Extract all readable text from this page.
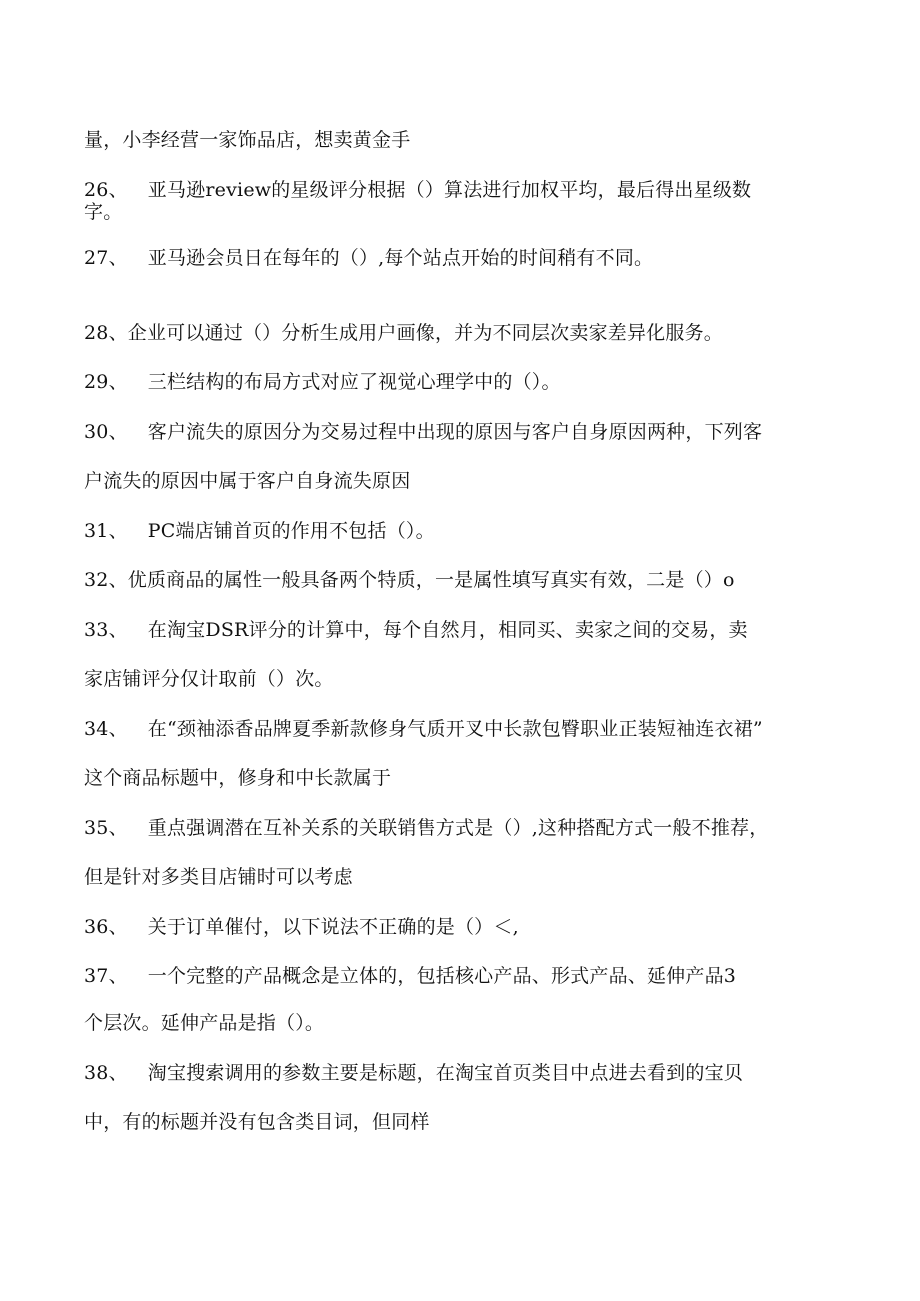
量，小李经营一家饰品店，想卖黄金手
26、 亚马逊review的星级评分根据（）算法进行加权平均，最后得出星级数
字。
27、 亚马逊会员日在每年的（）,每个站点开始的时间稍有不同。
28、企业可以通过（）分析生成用户画像，并为不同层次卖家差异化服务。
29、 三栏结构的布局方式对应了视觉心理学中的（）。
30、 客户流失的原因分为交易过程中出现的原因与客户自身原因两种，下列客
户流失的原因中属于客户自身流失原因
31、 PC端店铺首页的作用不包括（）。
32、优质商品的属性一般具备两个特质，一是属性填写真实有效，二是（）o
33、 在淘宝DSR评分的计算中，每个自然月，相同买、卖家之间的交易，卖
家店铺评分仅计取前（）次。
34、 在“颈袖添香品牌夏季新款修身气质开叉中长款包臀职业正装短袖连衣裙”
这个商品标题中，修身和中长款属于
35、 重点强调潜在互补关系的关联销售方式是（）,这种搭配方式一般不推荐，
但是针对多类目店铺时可以考虑
36、 关于订单催付，以下说法不正确的是（）＜,
37、 一个完整的产品概念是立体的，包括核心产品、形式产品、延伸产品3
个层次。延伸产品是指（）。
38、 淘宝搜索调用的参数主要是标题，在淘宝首页类目中点进去看到的宝贝
中，有的标题并没有包含类目词，但同样
